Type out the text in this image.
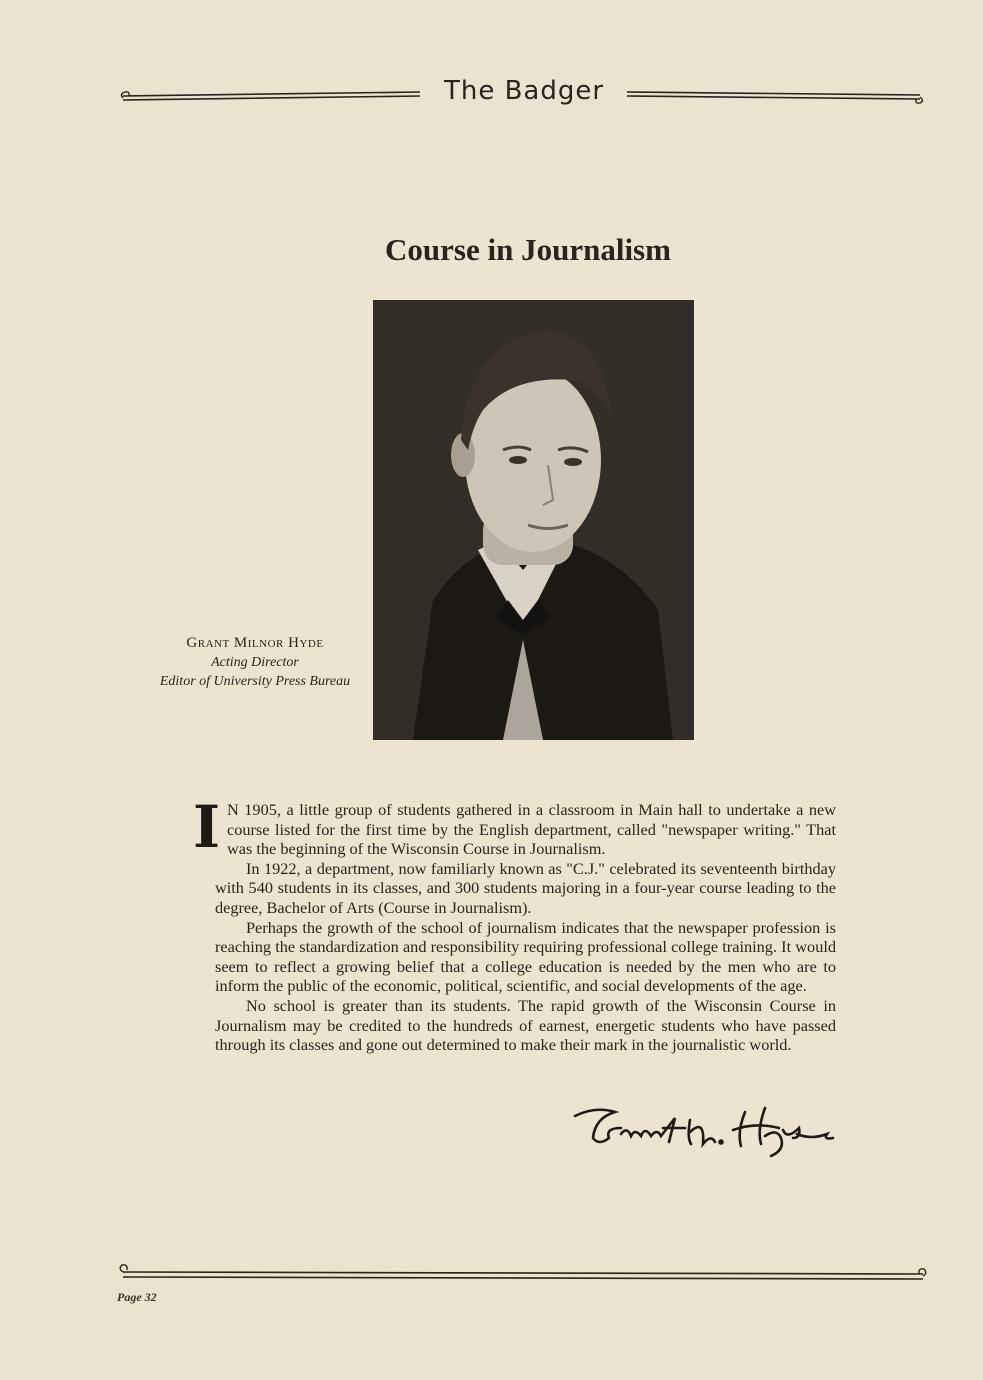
The Badger
Course in Journalism
Grant Milnor Hyde
Acting Director
Editor of University Press Bureau

I N 1905, a little group of students gathered in a classroom in Main hall to undertake a new course listed for the first time by the English department, called "newspaper writing." That was the beginning of the Wisconsin Course in Journalism.

In 1922, a department, now familiarly known as "C.J." celebrated its seventeenth birthday with 540 students in its classes, and 300 students majoring in a four-year course leading to the degree, Bachelor of Arts (Course in Journalism).

Perhaps the growth of the school of journalism indicates that the newspaper profession is reaching the standardization and responsibility requiring professional college training. It would seem to reflect a growing belief that a college education is needed by the men who are to inform the public of the economic, political, scientific, and social developments of the age.

No school is greater than its students. The rapid growth of the Wisconsin Course in Journalism may be credited to the hundreds of earnest, energetic students who have passed through its classes and gone out determined to make their mark in the journalistic world.

Page 32
